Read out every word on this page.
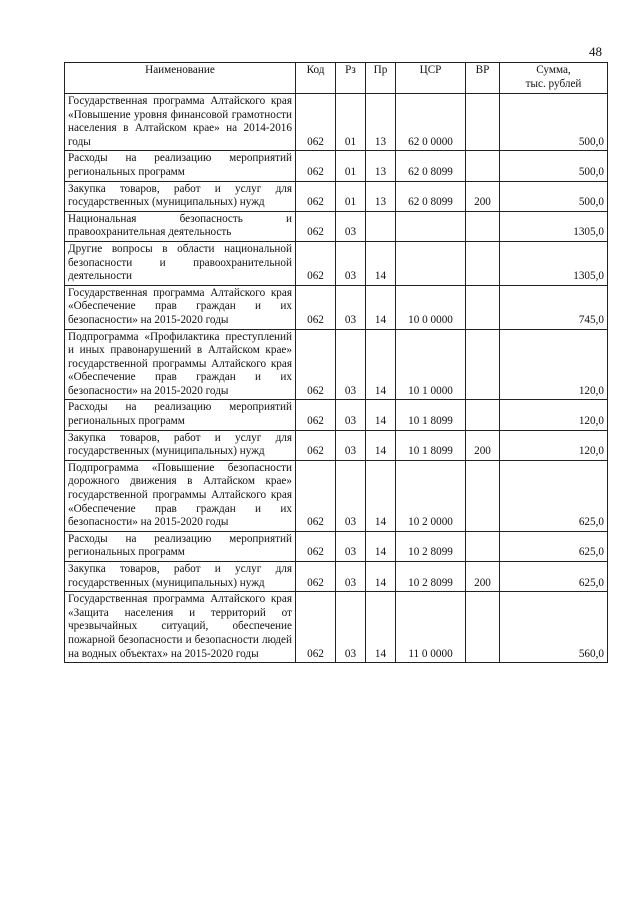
48
Наименование	Код	Рз	Пр	ЦСР	ВР	Сумма,
тыс. рублей

Государственная программа Алтайского края «Повышение уровня финансовой грамотности населения в Алтайском крае» на 2014-2016 годы	062	01	13	62 0 0000		500,0
Расходы на реализацию мероприятий региональных программ	062	01	13	62 0 8099		500,0
Закупка товаров, работ и услуг для государственных (муниципальных) нужд	062	01	13	62 0 8099	200	500,0
Национальная безопасность и правоохранительная деятельность	062	03				1305,0
Другие вопросы в области национальной безопасности и правоохранительной деятельности	062	03	14			1305,0
Государственная программа Алтайского края «Обеспечение прав граждан и их безопасности» на 2015-2020 годы	062	03	14	10 0 0000		745,0
Подпрограмма «Профилактика преступлений и иных правонарушений в Алтайском крае» государственной программы Алтайского края «Обеспечение прав граждан и их безопасности» на 2015-2020 годы	062	03	14	10 1 0000		120,0
Расходы на реализацию мероприятий региональных программ	062	03	14	10 1 8099		120,0
Закупка товаров, работ и услуг для государственных (муниципальных) нужд	062	03	14	10 1 8099	200	120,0
Подпрограмма «Повышение безопасности дорожного движения в Алтайском крае» государственной программы Алтайского края «Обеспечение прав граждан и их безопасности» на 2015-2020 годы	062	03	14	10 2 0000		625,0
Расходы на реализацию мероприятий региональных программ	062	03	14	10 2 8099		625,0
Закупка товаров, работ и услуг для государственных (муниципальных) нужд	062	03	14	10 2 8099	200	625,0
Государственная программа Алтайского края «Защита населения и территорий от чрезвычайных ситуаций, обеспечение пожарной безопасности и безопасности людей на водных объектах» на 2015-2020 годы	062	03	14	11 0 0000		560,0
